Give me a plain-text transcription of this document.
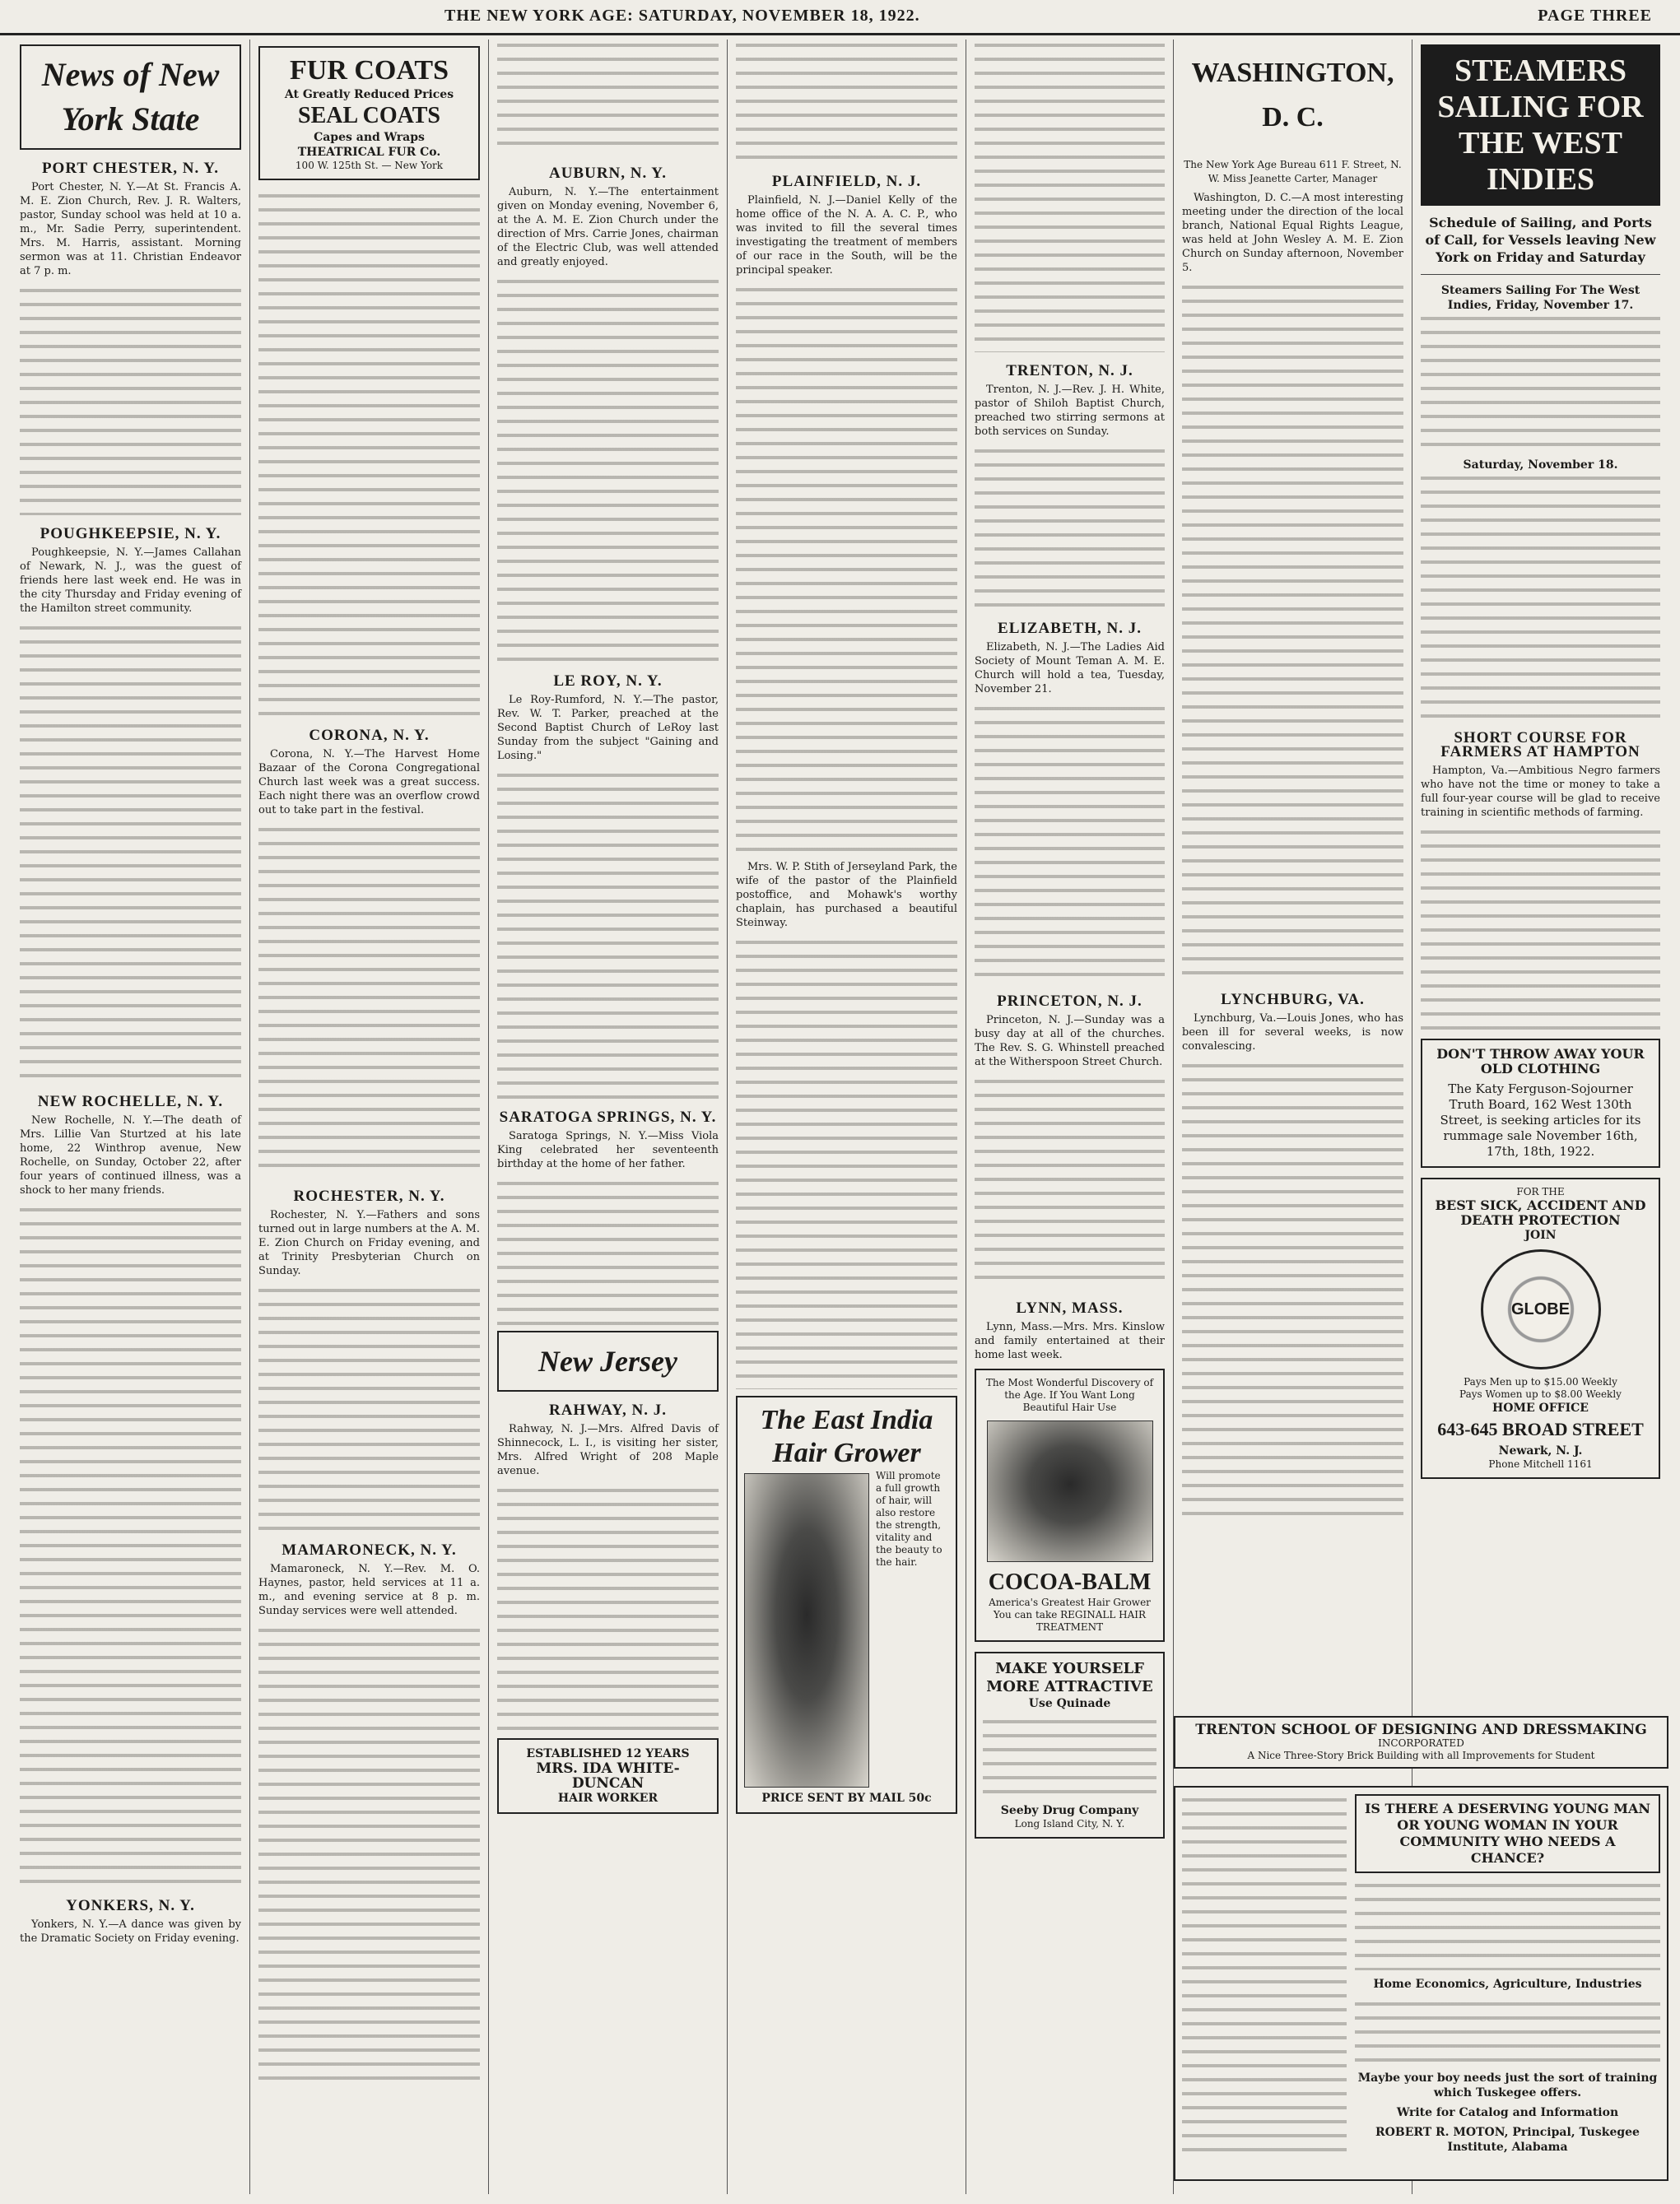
THE NEW YORK AGE: SATURDAY, NOVEMBER 18, 1922.	PAGE THREE
News of New York State
PORT CHESTER, N. Y.

Port Chester, N. Y.—At St. Francis A. M. E. Zion Church, Rev. J. R. Walters, pastor, Sunday school was held at 10 a. m., Mr. Sadie Perry, superintendent. Mrs. M. Harris, assistant. Morning sermon was at 11. Christian Endeavor at 7 p. m.

POUGHKEEPSIE, N. Y.

Poughkeepsie, N. Y.—James Callahan of Newark, N. J., was the guest of friends here last week end. He was in the city Thursday and Friday evening of the Hamilton street community.

NEW ROCHELLE, N. Y.

New Rochelle, N. Y.—The death of Mrs. Lillie Van Sturtzed at his late home, 22 Winthrop avenue, New Rochelle, on Sunday, October 22, after four years of continued illness, was a shock to her many friends.

YONKERS, N. Y.

Yonkers, N. Y.—A dance was given by the Dramatic Society on Friday evening.

FUR COATS
At Greatly Reduced Prices
SEAL COATS
Capes and Wraps
THEATRICAL FUR Co.
100 W. 125th St. — New York
CORONA, N. Y.

Corona, N. Y.—The Harvest Home Bazaar of the Corona Congregational Church last week was a great success. Each night there was an overflow crowd out to take part in the festival.

ROCHESTER, N. Y.

Rochester, N. Y.—Fathers and sons turned out in large numbers at the A. M. E. Zion Church on Friday evening, and at Trinity Presbyterian Church on Sunday.

MAMARONECK, N. Y.

Mamaroneck, N. Y.—Rev. M. O. Haynes, pastor, held services at 11 a. m., and evening service at 8 p. m. Sunday services were well attended.

AUBURN, N. Y.

Auburn, N. Y.—The entertainment given on Monday evening, November 6, at the A. M. E. Zion Church under the direction of Mrs. Carrie Jones, chairman of the Electric Club, was well attended and greatly enjoyed.

LE ROY, N. Y.

Le Roy-Rumford, N. Y.—The pastor, Rev. W. T. Parker, preached at the Second Baptist Church of LeRoy last Sunday from the subject "Gaining and Losing."

SARATOGA SPRINGS, N. Y.

Saratoga Springs, N. Y.—Miss Viola King celebrated her seventeenth birthday at the home of her father.

New Jersey
RAHWAY, N. J.

Rahway, N. J.—Mrs. Alfred Davis of Shinnecock, L. I., is visiting her sister, Mrs. Alfred Wright of 208 Maple avenue.

ESTABLISHED 12 YEARS
MRS. IDA WHITE-DUNCAN
HAIR WORKER
PLAINFIELD, N. J.

Plainfield, N. J.—Daniel Kelly of the home office of the N. A. A. C. P., who was invited to fill the several times investigating the treatment of members of our race in the South, will be the principal speaker.

Mrs. W. P. Stith of Jerseyland Park, the wife of the pastor of the Plainfield postoffice, and Mohawk's worthy chaplain, has purchased a beautiful Steinway.

The East India Hair Grower
Will promote a full growth of hair, will also restore the strength, vitality and the beauty to the hair.
PRICE SENT BY MAIL 50c
TRENTON, N. J.

Trenton, N. J.—Rev. J. H. White, pastor of Shiloh Baptist Church, preached two stirring sermons at both services on Sunday.

ELIZABETH, N. J.

Elizabeth, N. J.—The Ladies Aid Society of Mount Teman A. M. E. Church will hold a tea, Tuesday, November 21.

PRINCETON, N. J.

Princeton, N. J.—Sunday was a busy day at all of the churches. The Rev. S. G. Whinstell preached at the Witherspoon Street Church.

LYNN, MASS.

Lynn, Mass.—Mrs. Mrs. Kinslow and family entertained at their home last week.

The Most Wonderful Discovery of the Age. If You Want Long Beautiful Hair Use
COCOA-BALM
America's Greatest Hair Grower
You can take REGINALL HAIR TREATMENT
MAKE YOURSELF MORE ATTRACTIVE
Use Quinade
Seeby Drug Company
Long Island City, N. Y.
WASHINGTON, D. C.
The New York Age Bureau 611 F. Street, N. W. Miss Jeanette Carter, Manager

Washington, D. C.—A most interesting meeting under the direction of the local branch, National Equal Rights League, was held at John Wesley A. M. E. Zion Church on Sunday afternoon, November 5.

LYNCHBURG, VA.

Lynchburg, Va.—Louis Jones, who has been ill for several weeks, is now convalescing.

TRENTON SCHOOL OF DESIGNING AND DRESSMAKING
INCORPORATED
A Nice Three-Story Brick Building with all Improvements for Student
IS THERE A DESERVING YOUNG MAN OR YOUNG WOMAN IN YOUR COMMUNITY WHO NEEDS A CHANCE?
Home Economics, Agriculture, Industries
Maybe your boy needs just the sort of training which Tuskegee offers.
Write for Catalog and Information
ROBERT R. MOTON, Principal, Tuskegee Institute, Alabama
STEAMERS SAILING FOR THE WEST INDIES
Schedule of Sailing, and Ports of Call, for Vessels leaving New York on Friday and Saturday
Steamers Sailing For The West Indies, Friday, November 17.
Saturday, November 18.
SHORT COURSE FOR FARMERS AT HAMPTON

Hampton, Va.—Ambitious Negro farmers who have not the time or money to take a full four-year course will be glad to receive training in scientific methods of farming.

DON'T THROW AWAY YOUR OLD CLOTHING
The Katy Ferguson-Sojourner Truth Board, 162 West 130th Street, is seeking articles for its rummage sale November 16th, 17th, 18th, 1922.
FOR THE
BEST SICK, ACCIDENT AND DEATH PROTECTION
JOIN
GLOBE
Pays Men up to $15.00 Weekly
Pays Women up to $8.00 Weekly
HOME OFFICE
643-645 BROAD STREET
Newark, N. J.
Phone Mitchell 1161
